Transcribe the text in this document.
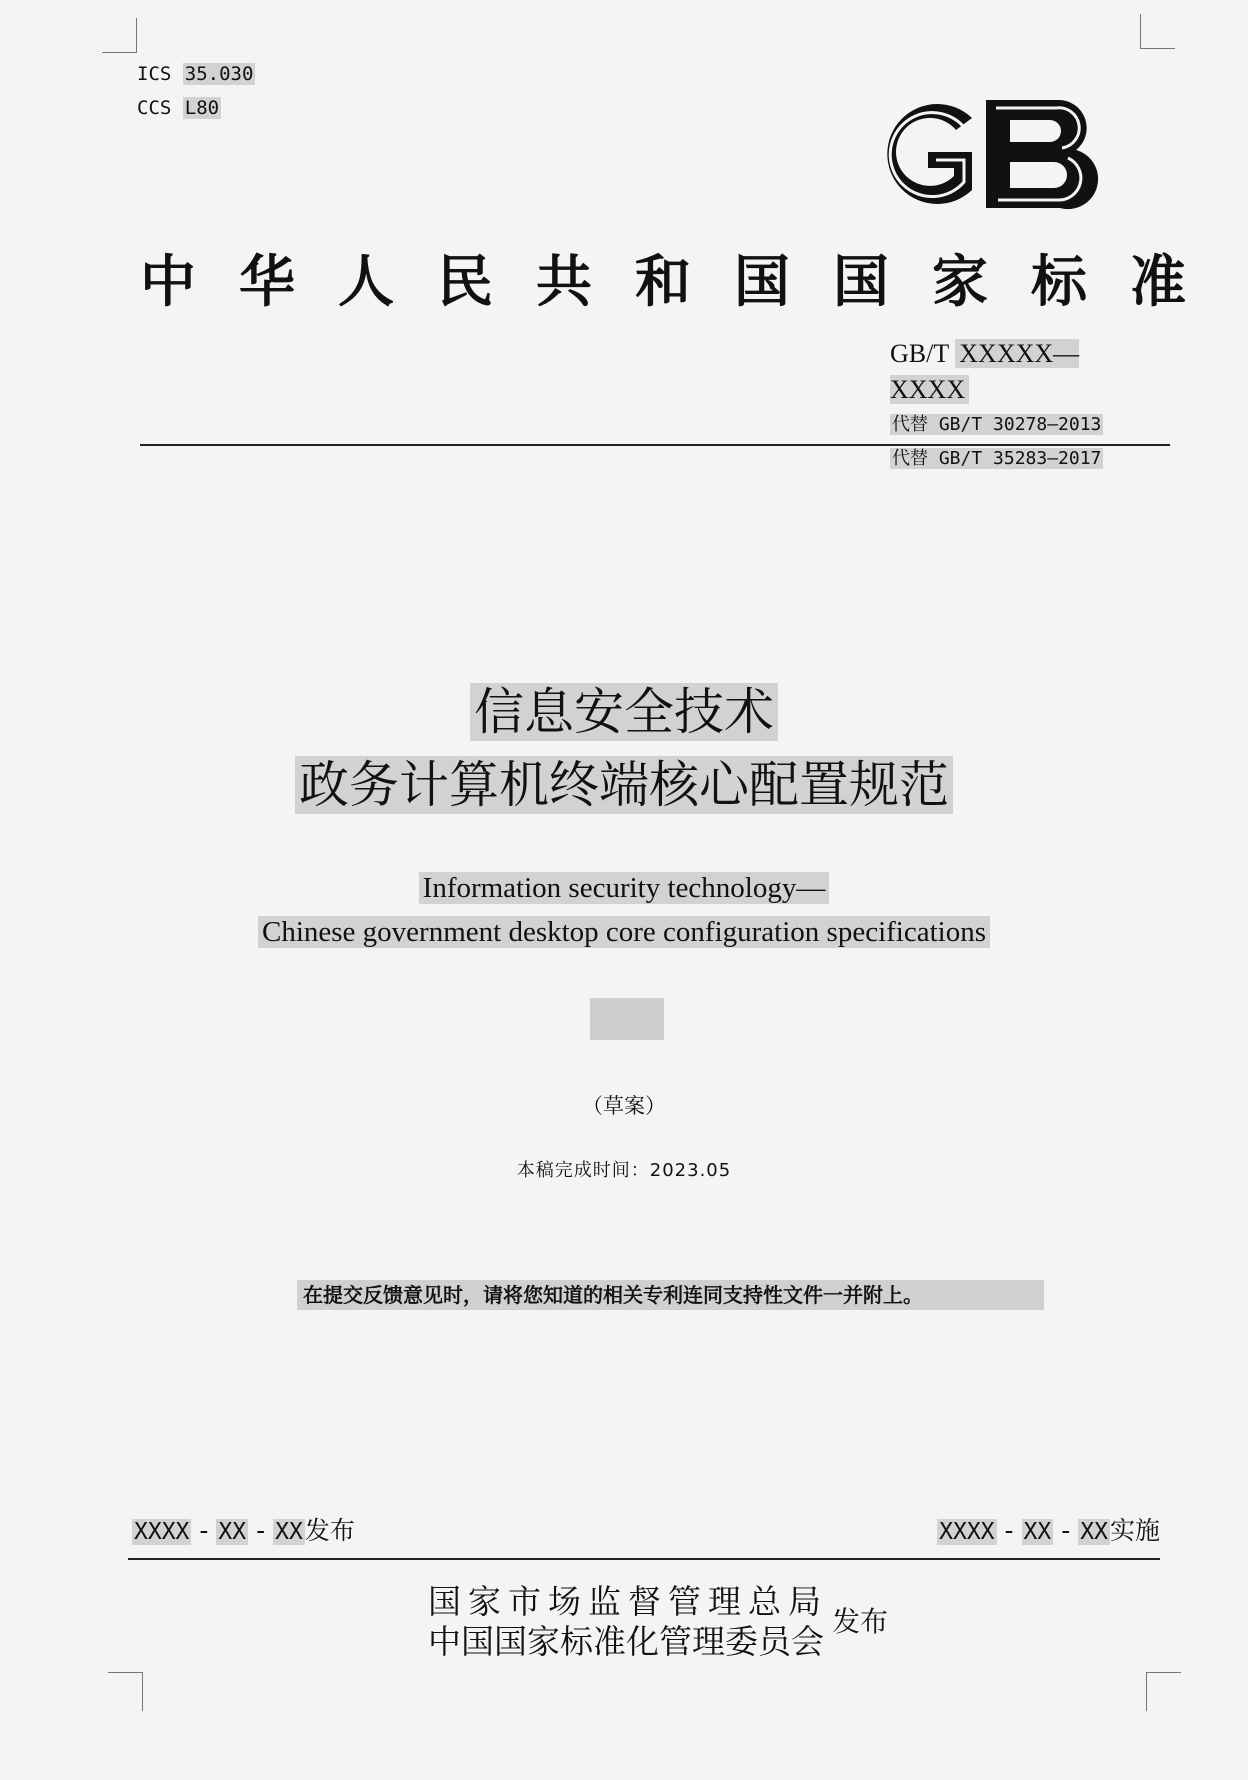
ICS 35.030
CCS L80
中华人民共和国国家标准
GB/T XXXXX—XXXX
代替 GB/T 30278—2013
代替 GB/T 35283—2017
信息安全技术
政务计算机终端核心配置规范
Information security technology—
Chinese government desktop core configuration specifications
（草案）
本稿完成时间：2023.05
在提交反馈意见时，请将您知道的相关专利连同支持性文件一并附上。
XXXX - XX - XX发布	XXXX - XX - XX实施
国家市场监督管理总局
中国国家标准化管理委员会
发布
